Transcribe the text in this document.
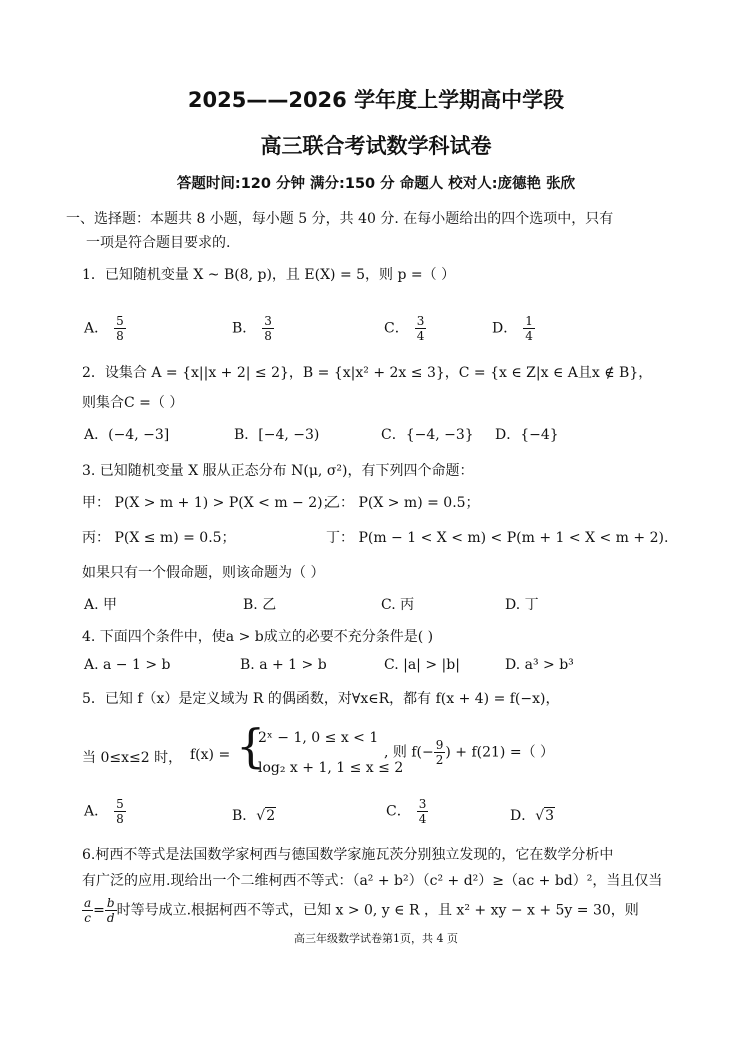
2025——2026 学年度上学期高中学段
高三联合考试数学科试卷
答题时间:120 分钟 满分:150 分 命题人 校对人:庞德艳 张欣
一、选择题：本题共 8 小题，每小题 5 分，共 40 分. 在每小题给出的四个选项中，只有
一项是符合题目要求的.
1．已知随机变量 X ~ B(8, p)，且 E(X) = 5，则 p =（ ）
A． $\frac{5}{8}$	B． $\frac{3}{8}$	C． $\frac{3}{4}$	D． $\frac{1}{4}$
2．设集合 A = {x||x + 2| ≤ 2}，B = {x|x² + 2x ≤ 3}，C = {x ∈ Z|x ∈ A且x ∉ B}，
则集合C =（ ）
A．(−4, −3]	B．[−4, −3)	C．{−4, −3} D．{−4}
3. 已知随机变量 X 服从正态分布 N(μ, σ²)，有下列四个命题：
甲： P(X > m + 1) > P(X < m − 2)；
乙： P(X > m) = 0.5；
丙： P(X ≤ m) = 0.5；	丁： P(m − 1 < X < m) < P(m + 1 < X < m + 2).
如果只有一个假命题，则该命题为（ ）
A. 甲	B. 乙	C. 丙	D. 丁
4. 下面四个条件中，使a > b成立的必要不充分条件是( )
A. a − 1 > b	B. a + 1 > b	C. |a| > |b|	D. a³ > b³
5．已知 f（x）是定义域为 R 的偶函数，对∀x∈R，都有 f(x + 4) = f(−x)，
当 0≤x≤2 时， f(x) = {
2ˣ − 1, 0 ≤ x < 1
log₂ x + 1, 1 ≤ x ≤ 2
, 则 $f(- \frac{9}{2}$ ) + f(21) =（ ）
A． $\frac{5}{8}$	B．√2	C． $\frac{3}{4}$	D．√3
6.柯西不等式是法国数学家柯西与德国数学家施瓦茨分别独立发现的，它在数学分析中
有广泛的应用.现给出一个二维柯西不等式：（a² + b²）（c² + d²）≥（ac + bd）²，当且仅当
$\frac{a}{c} = \frac{b}{d}$ 时等号成立.根据柯西不等式，已知 x > 0, y ∈ R ，且 x² + xy − x + 5y = 30，则
高三年级数学试卷第1页，共 4 页
